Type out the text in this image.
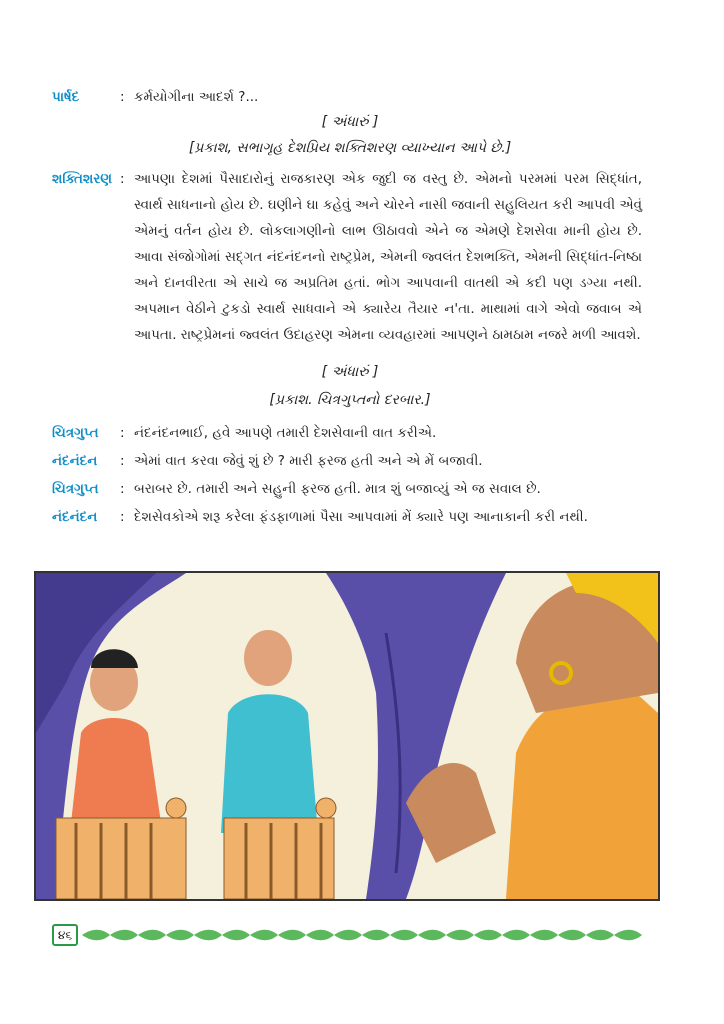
પાર્ષદ	: કર્મયોગીના આદર્શ ?...
[ અંધારું ]
[પ્રકાશ, સભાગૃહ દેશપ્રિય શક્તિશરણ વ્યાખ્યાન આપે છે.]
શક્તિશરણ : આપણા દેશમાં પૈસાદારોનું રાજકારણ એક જુદી જ વસ્તુ છે. એમનો પરમમાં પરમ સિદ્ધાંત, સ્વાર્થ સાધનાનો હોય છે. ઘણીને ઘા કહેવું અને ચોરને નાસી જવાની સહુલિયત કરી આપવી એવું એમનું વર્તન હોય છે. લોકલાગણીનો લાભ ઊઠાવવો એને જ એમણે દેશસેવા માની હોય છે. આવા સંજોગોમાં સદ્ગત નંદનંદનનો રાષ્ટ્રપ્રેમ, એમની જ્વલંત દેશભક્તિ, એમની સિદ્ધાંત-નિષ્ઠા અને દાનવીરતા એ સાચે જ અપ્રતિમ હતાં. ભોગ આપવાની વાતથી એ કદી પણ ડગ્યા નથી. અપમાન વેઠીને ટુકડો સ્વાર્થ સાધવાને એ ક્યારેય તૈયાર ન'તા. માથામાં વાગે એવો જવાબ એ આપતા. રાષ્ટ્રપ્રેમનાં જ્વલંત ઉદાહરણ એમના વ્યવહારમાં આપણને ઠામઠામ નજરે મળી આવશે.
[ અંધારું ]
[પ્રકાશ. ચિત્રગુપ્તનો દરબાર.]
ચિત્રગુપ્ત	: નંદનંદનભાઈ, હવે આપણે તમારી દેશસેવાની વાત કરીએ.
નંદનંદન	: એમાં વાત કરવા જેવું શું છે ? મારી ફરજ હતી અને એ મેં બજાવી.
ચિત્રગુપ્ત	: બરાબર છે. તમારી અને સહુની ફરજ હતી. માત્ર શું બજાવ્યું એ જ સવાલ છે.
નંદનંદન	: દેશસેવકોએ શરૂ કરેલા ફંડફાળામાં પૈસા આપવામાં મેં ક્યારે પણ આનાકાની કરી નથી.
૪૬
